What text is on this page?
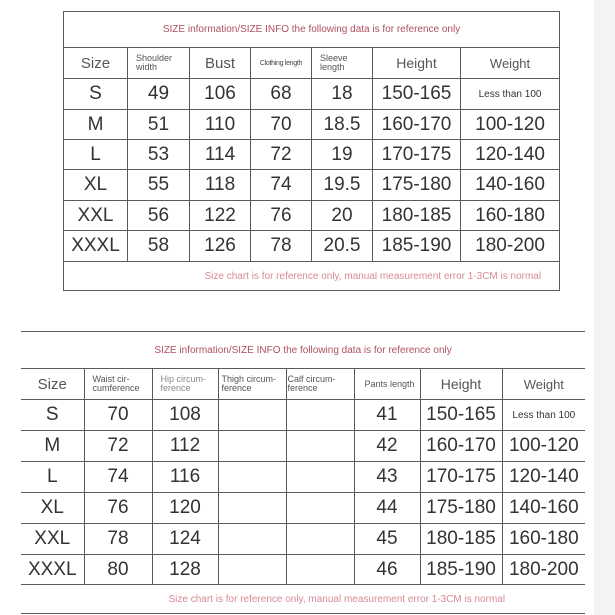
SIZE information/SIZE INFO the following data is for reference only						
Size	Shoulder width	Bust	Clothing length	Sleeve length	Height	Weight
S	49	106	68	18	150-165	Less than 100
M	51	110	70	18.5	160-170	100-120
L	53	114	72	19	170-175	120-140
XL	55	118	74	19.5	175-180	140-160
XXL	56	122	76	20	180-185	160-180
XXXL	58	126	78	20.5	185-190	180-200
Size chart is for reference only, manual measurement error 1-3CM is normal						
SIZE information/SIZE INFO the following data is for reference only							
Size	Waist cir-cumference	Hip circum-ference	Thigh circum-ference	Calf circum-ference	Pants length	Height	Weight
S	70	108			41	150-165	Less than 100
M	72	112			42	160-170	100-120
L	74	116			43	170-175	120-140
XL	76	120			44	175-180	140-160
XXL	78	124			45	180-185	160-180
XXXL	80	128			46	185-190	180-200
Size chart is for reference only, manual measurement error 1-3CM is normal							
